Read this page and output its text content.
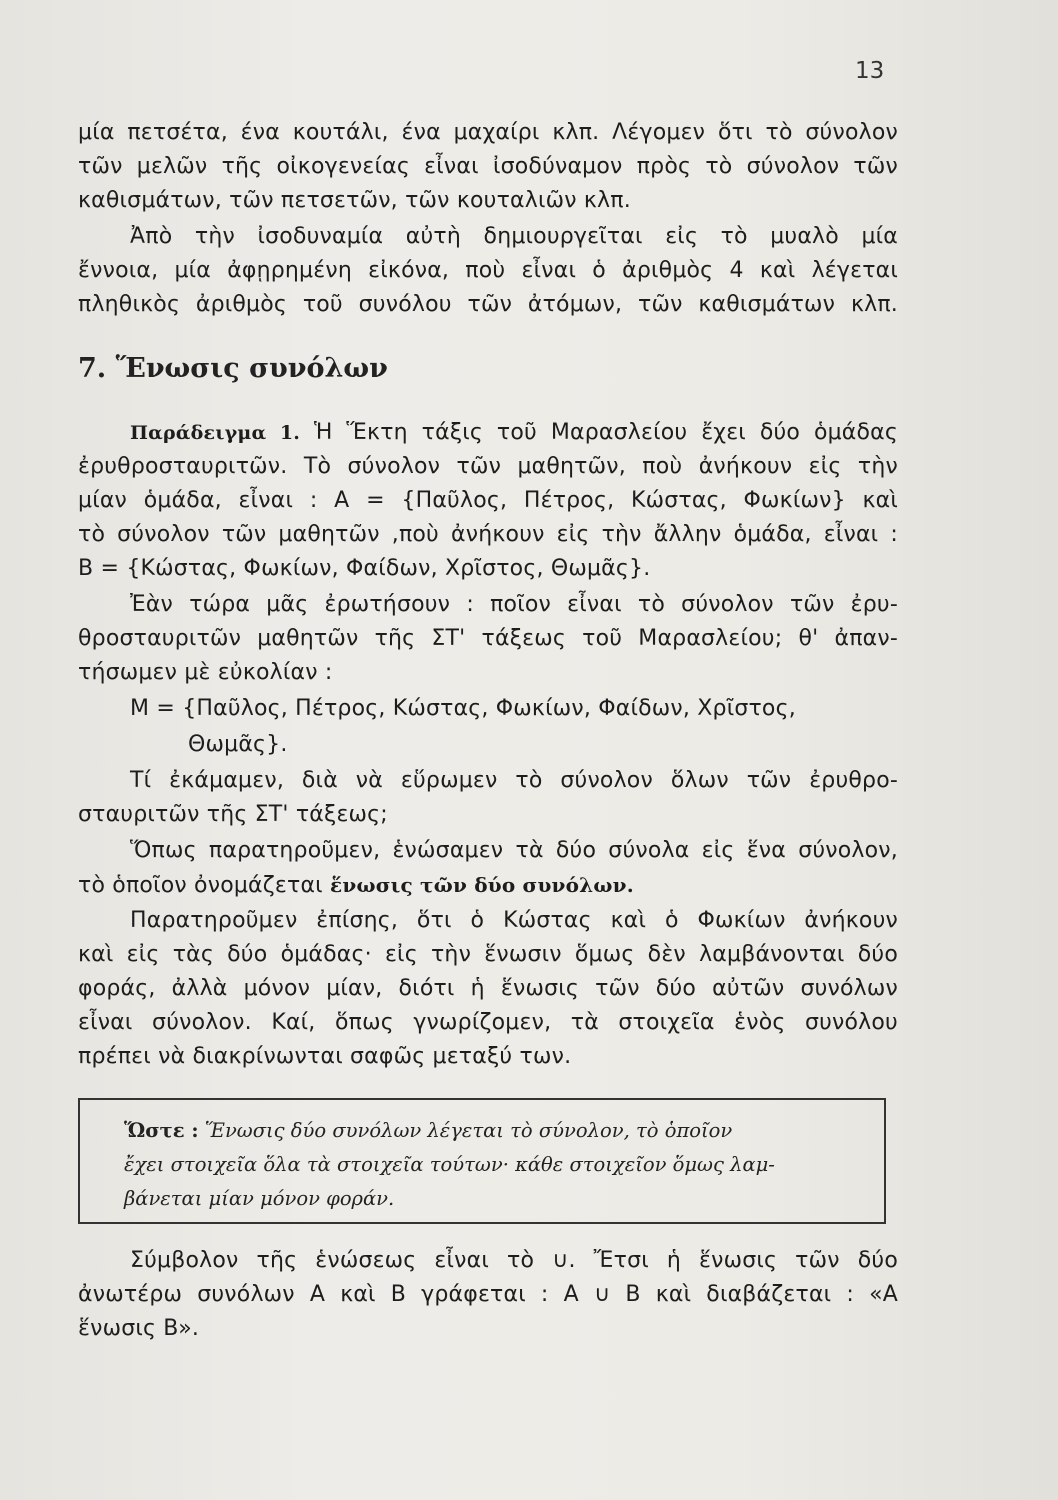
13
μία πετσέτα, ένα κουτάλι, ένα μαχαίρι κλπ. Λέγομεν ὅτι τὸ σύνολον
τῶν μελῶν τῆς οἰκογενείας εἶναι ἰσοδύναμον πρὸς τὸ σύνολον τῶν
καθισμάτων, τῶν πετσετῶν, τῶν κουταλιῶν κλπ.
Ἀπὸ τὴν ἰσοδυναμία αὐτὴ δημιουργεῖται εἰς τὸ μυαλὸ μία
ἔννοια, μία ἀφῃρημένη εἰκόνα, ποὺ εἶναι ὁ ἀριθμὸς 4 καὶ λέγεται
πληθικὸς ἀριθμὸς τοῦ συνόλου τῶν ἀτόμων, τῶν καθισμάτων κλπ.
7. Ἕνωσις συνόλων
Παράδειγμα 1. Ἡ Ἕκτη τάξις τοῦ Μαρασλείου ἔχει δύο ὁμάδας
ἐρυθροσταυριτῶν. Τὸ σύνολον τῶν μαθητῶν, ποὺ ἀνήκουν εἰς τὴν
μίαν ὁμάδα, εἶναι : A = {Παῦλος, Πέτρος, Κώστας, Φωκίων} καὶ
τὸ σύνολον τῶν μαθητῶν ,ποὺ ἀνήκουν εἰς τὴν ἄλλην ὁμάδα, εἶναι :
B = {Κώστας, Φωκίων, Φαίδων, Χρῖστος, Θωμᾶς}.
Ἐὰν τώρα μᾶς ἐρωτήσουν : ποῖον εἶναι τὸ σύνολον τῶν ἐρυ-
θροσταυριτῶν μαθητῶν τῆς ΣΤ' τάξεως τοῦ Μαρασλείου; θ' ἀπαν-
τήσωμεν μὲ εὐκολίαν :
M = {Παῦλος, Πέτρος, Κώστας, Φωκίων, Φαίδων, Χρῖστος,
Θωμᾶς}.
Τί ἐκάμαμεν, διὰ νὰ εὕρωμεν τὸ σύνολον ὅλων τῶν ἐρυθρο-
σταυριτῶν τῆς ΣΤ' τάξεως;
Ὅπως παρατηροῦμεν, ἑνώσαμεν τὰ δύο σύνολα εἰς ἕνα σύνολον,
τὸ ὁποῖον ὀνομάζεται ἕνωσις τῶν δύο συνόλων.
Παρατηροῦμεν ἐπίσης, ὅτι ὁ Κώστας καὶ ὁ Φωκίων ἀνήκουν
καὶ εἰς τὰς δύο ὁμάδας· εἰς τὴν ἕνωσιν ὅμως δὲν λαμβάνονται δύο
φοράς, ἀλλὰ μόνον μίαν, διότι ἡ ἕνωσις τῶν δύο αὐτῶν συνόλων
εἶναι σύνολον. Καί, ὅπως γνωρίζομεν, τὰ στοιχεῖα ἑνὸς συνόλου
πρέπει νὰ διακρίνωνται σαφῶς μεταξύ των.
Ὥστε : Ἕνωσις δύο συνόλων λέγεται τὸ σύνολον, τὸ ὁποῖον
ἔχει στοιχεῖα ὅλα τὰ στοιχεῖα τούτων· κάθε στοιχεῖον ὅμως λαμ-
βάνεται μίαν μόνον φοράν.
Σύμβολον τῆς ἑνώσεως εἶναι τὸ ∪. Ἔτσι ἡ ἕνωσις τῶν δύο
ἀνωτέρω συνόλων A καὶ B γράφεται : A ∪ B καὶ διαβάζεται : «A
ἕνωσις B».
